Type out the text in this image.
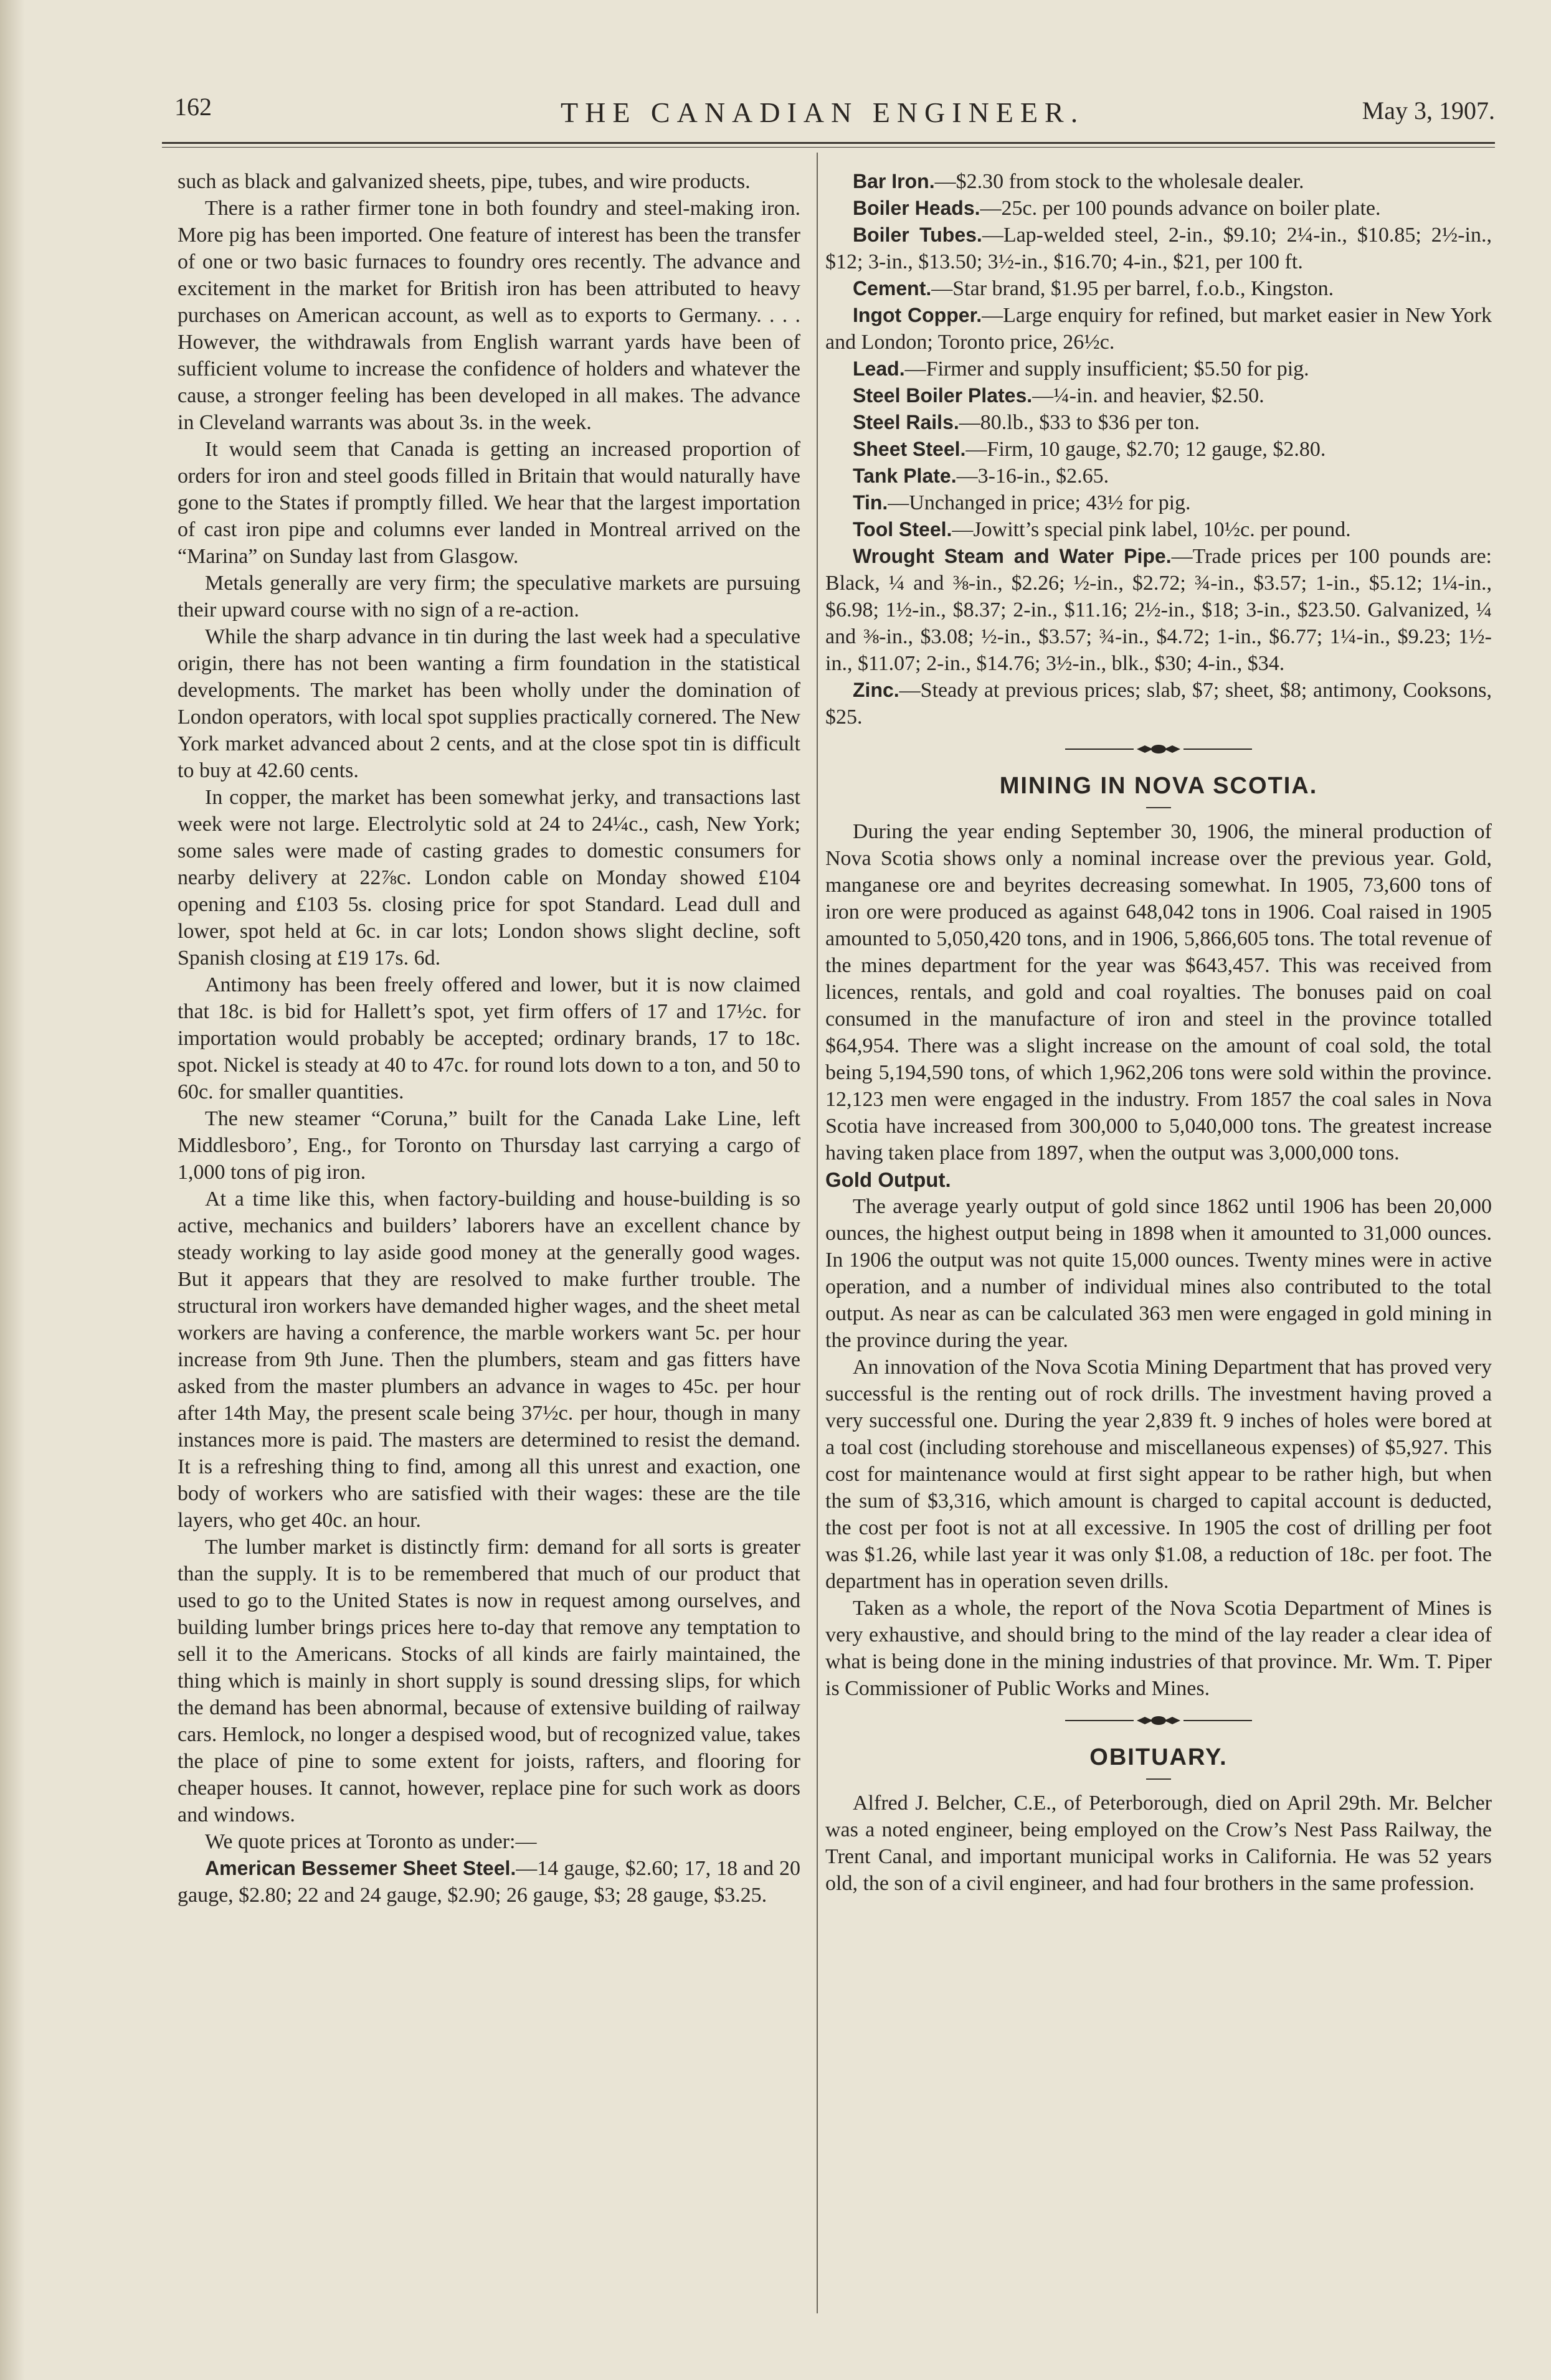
162	THE CANADIAN ENGINEER.	May 3, 1907.

such as black and galvanized sheets, pipe, tubes, and wire products.

There is a rather firmer tone in both foundry and steel-making iron. More pig has been imported. One feature of interest has been the transfer of one or two basic furnaces to foundry ores recently. The advance and excitement in the market for British iron has been attributed to heavy purchases on American account, as well as to exports to Germany. . . . However, the withdrawals from English warrant yards have been of sufficient volume to increase the confidence of holders and whatever the cause, a stronger feeling has been developed in all makes. The advance in Cleveland warrants was about 3s. in the week.

It would seem that Canada is getting an increased proportion of orders for iron and steel goods filled in Britain that would naturally have gone to the States if promptly filled. We hear that the largest importation of cast iron pipe and columns ever landed in Montreal arrived on the “Marina” on Sunday last from Glasgow.

Metals generally are very firm; the speculative markets are pursuing their upward course with no sign of a re-action.

While the sharp advance in tin during the last week had a speculative origin, there has not been wanting a firm foundation in the statistical developments. The market has been wholly under the domination of London operators, with local spot supplies practically cornered. The New York market advanced about 2 cents, and at the close spot tin is difficult to buy at 42.60 cents.

In copper, the market has been somewhat jerky, and transactions last week were not large. Electrolytic sold at 24 to 24¼c., cash, New York; some sales were made of casting grades to domestic consumers for nearby delivery at 22⅞c. London cable on Monday showed £104 opening and £103 5s. closing price for spot Standard. Lead dull and lower, spot held at 6c. in car lots; London shows slight decline, soft Spanish closing at £19 17s. 6d.

Antimony has been freely offered and lower, but it is now claimed that 18c. is bid for Hallett’s spot, yet firm offers of 17 and 17½c. for importation would probably be accepted; ordinary brands, 17 to 18c. spot. Nickel is steady at 40 to 47c. for round lots down to a ton, and 50 to 60c. for smaller quantities.

The new steamer “Coruna,” built for the Canada Lake Line, left Middlesboro’, Eng., for Toronto on Thursday last carrying a cargo of 1,000 tons of pig iron.

At a time like this, when factory-building and house-building is so active, mechanics and builders’ laborers have an excellent chance by steady working to lay aside good money at the generally good wages. But it appears that they are resolved to make further trouble. The structural iron workers have demanded higher wages, and the sheet metal workers are having a conference, the marble workers want 5c. per hour increase from 9th June. Then the plumbers, steam and gas fitters have asked from the master plumbers an advance in wages to 45c. per hour after 14th May, the present scale being 37½c. per hour, though in many instances more is paid. The masters are determined to resist the demand. It is a refreshing thing to find, among all this unrest and exaction, one body of workers who are satisfied with their wages: these are the tile layers, who get 40c. an hour.

The lumber market is distinctly firm: demand for all sorts is greater than the supply. It is to be remembered that much of our product that used to go to the United States is now in request among ourselves, and building lumber brings prices here to-day that remove any temptation to sell it to the Americans. Stocks of all kinds are fairly maintained, the thing which is mainly in short supply is sound dressing slips, for which the demand has been abnormal, because of extensive building of railway cars. Hemlock, no longer a despised wood, but of recognized value, takes the place of pine to some extent for joists, rafters, and flooring for cheaper houses. It cannot, however, replace pine for such work as doors and windows.

We quote prices at Toronto as under:—

American Bessemer Sheet Steel.—14 gauge, $2.60; 17, 18 and 20 gauge, $2.80; 22 and 24 gauge, $2.90; 26 gauge, $3; 28 gauge, $3.25.

Bar Iron.—$2.30 from stock to the wholesale dealer.

Boiler Heads.—25c. per 100 pounds advance on boiler plate.

Boiler Tubes.—Lap-welded steel, 2-in., $9.10; 2¼-in., $10.85; 2½-in., $12; 3-in., $13.50; 3½-in., $16.70; 4-in., $21, per 100 ft.

Cement.—Star brand, $1.95 per barrel, f.o.b., Kingston.

Ingot Copper.—Large enquiry for refined, but market easier in New York and London; Toronto price, 26½c.

Lead.—Firmer and supply insufficient; $5.50 for pig.

Steel Boiler Plates.—¼-in. and heavier, $2.50.

Steel Rails.—80.lb., $33 to $36 per ton.

Sheet Steel.—Firm, 10 gauge, $2.70; 12 gauge, $2.80.

Tank Plate.—3-16-in., $2.65.

Tin.—Unchanged in price; 43½ for pig.

Tool Steel.—Jowitt’s special pink label, 10½c. per pound.

Wrought Steam and Water Pipe.—Trade prices per 100 pounds are: Black, ¼ and ⅜-in., $2.26; ½-in., $2.72; ¾-in., $3.57; 1-in., $5.12; 1¼-in., $6.98; 1½-in., $8.37; 2-in., $11.16; 2½-in., $18; 3-in., $23.50. Galvanized, ¼ and ⅜-in., $3.08; ½-in., $3.57; ¾-in., $4.72; 1-in., $6.77; 1¼-in., $9.23; 1½-in., $11.07; 2-in., $14.76; 3½-in., blk., $30; 4-in., $34.

Zinc.—Steady at previous prices; slab, $7; sheet, $8; antimony, Cooksons, $25.

MINING IN NOVA SCOTIA.

During the year ending September 30, 1906, the mineral production of Nova Scotia shows only a nominal increase over the previous year. Gold, manganese ore and beyrites decreasing somewhat. In 1905, 73,600 tons of iron ore were produced as against 648,042 tons in 1906. Coal raised in 1905 amounted to 5,050,420 tons, and in 1906, 5,866,605 tons. The total revenue of the mines department for the year was $643,457. This was received from licences, rentals, and gold and coal royalties. The bonuses paid on coal consumed in the manufacture of iron and steel in the province totalled $64,954. There was a slight increase on the amount of coal sold, the total being 5,194,590 tons, of which 1,962,206 tons were sold within the province. 12,123 men were engaged in the industry. From 1857 the coal sales in Nova Scotia have increased from 300,000 to 5,040,000 tons. The greatest increase having taken place from 1897, when the output was 3,000,000 tons.

Gold Output.

The average yearly output of gold since 1862 until 1906 has been 20,000 ounces, the highest output being in 1898 when it amounted to 31,000 ounces. In 1906 the output was not quite 15,000 ounces. Twenty mines were in active operation, and a number of individual mines also contributed to the total output. As near as can be calculated 363 men were engaged in gold mining in the province during the year.

An innovation of the Nova Scotia Mining Department that has proved very successful is the renting out of rock drills. The investment having proved a very successful one. During the year 2,839 ft. 9 inches of holes were bored at a toal cost (including storehouse and miscellaneous expenses) of $5,927. This cost for maintenance would at first sight appear to be rather high, but when the sum of $3,316, which amount is charged to capital account is deducted, the cost per foot is not at all excessive. In 1905 the cost of drilling per foot was $1.26, while last year it was only $1.08, a reduction of 18c. per foot. The department has in operation seven drills.

Taken as a whole, the report of the Nova Scotia Department of Mines is very exhaustive, and should bring to the mind of the lay reader a clear idea of what is being done in the mining industries of that province. Mr. Wm. T. Piper is Commissioner of Public Works and Mines.

OBITUARY.

Alfred J. Belcher, C.E., of Peterborough, died on April 29th. Mr. Belcher was a noted engineer, being employed on the Crow’s Nest Pass Railway, the Trent Canal, and important municipal works in California. He was 52 years old, the son of a civil engineer, and had four brothers in the same profession.
